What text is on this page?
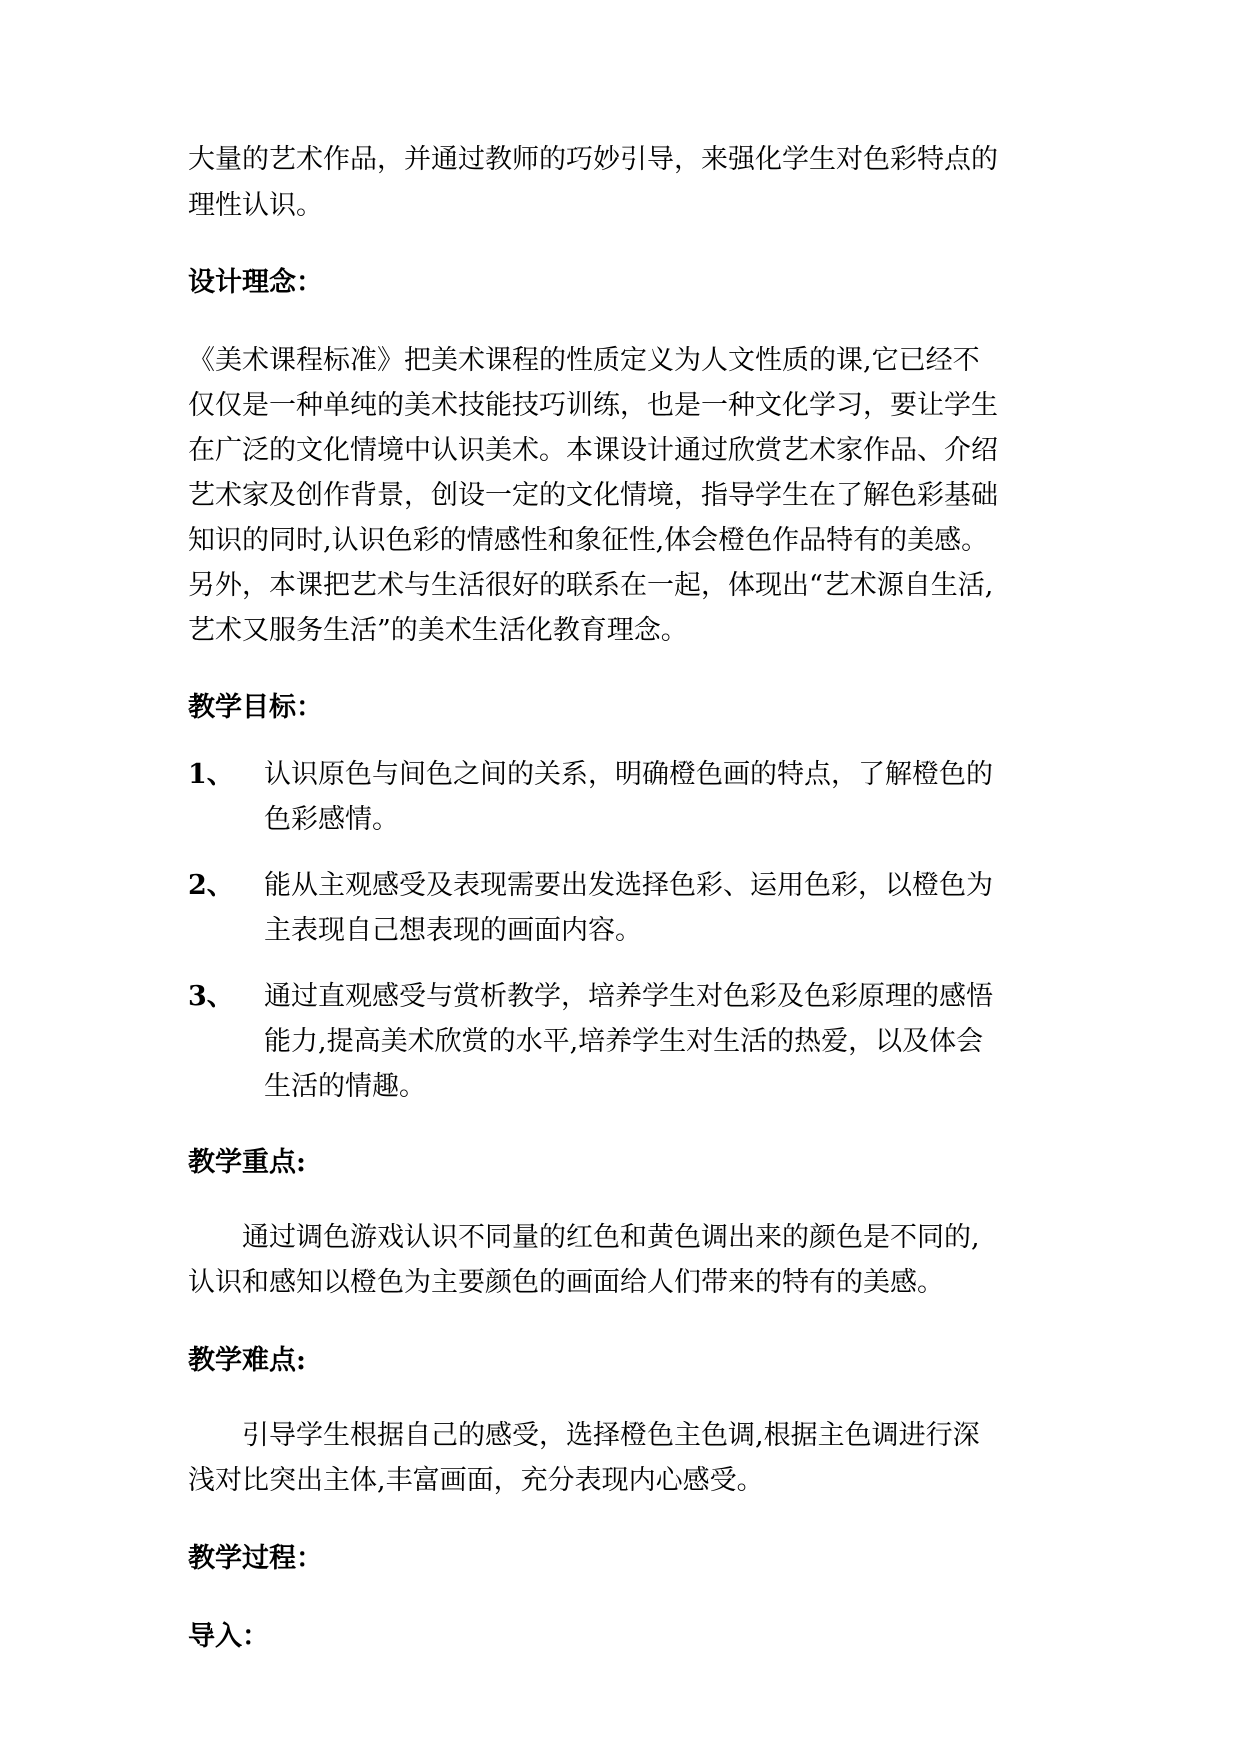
大量的艺术作品，并通过教师的巧妙引导，来强化学生对色彩特点的
理性认识。
设计理念：
《美术课程标准》把美术课程的性质定义为人文性质的课,它已经不
仅仅是一种单纯的美术技能技巧训练，也是一种文化学习，要让学生
在广泛的文化情境中认识美术。本课设计通过欣赏艺术家作品、介绍
艺术家及创作背景，创设一定的文化情境，指导学生在了解色彩基础
知识的同时,认识色彩的情感性和象征性,体会橙色作品特有的美感。
另外，本课把艺术与生活很好的联系在一起，体现出“艺术源自生活,
艺术又服务生活”的美术生活化教育理念。
教学目标：
1、 认识原色与间色之间的关系，明确橙色画的特点，了解橙色的
色彩感情。
2、 能从主观感受及表现需要出发选择色彩、运用色彩，以橙色为
主表现自己想表现的画面内容。
3、 通过直观感受与赏析教学，培养学生对色彩及色彩原理的感悟
能力,提高美术欣赏的水平,培养学生对生活的热爱，以及体会
生活的情趣。
教学重点:
通过调色游戏认识不同量的红色和黄色调出来的颜色是不同的,
认识和感知以橙色为主要颜色的画面给人们带来的特有的美感。
教学难点:
引导学生根据自己的感受，选择橙色主色调,根据主色调进行深
浅对比突出主体,丰富画面，充分表现内心感受。
教学过程：
导入：
